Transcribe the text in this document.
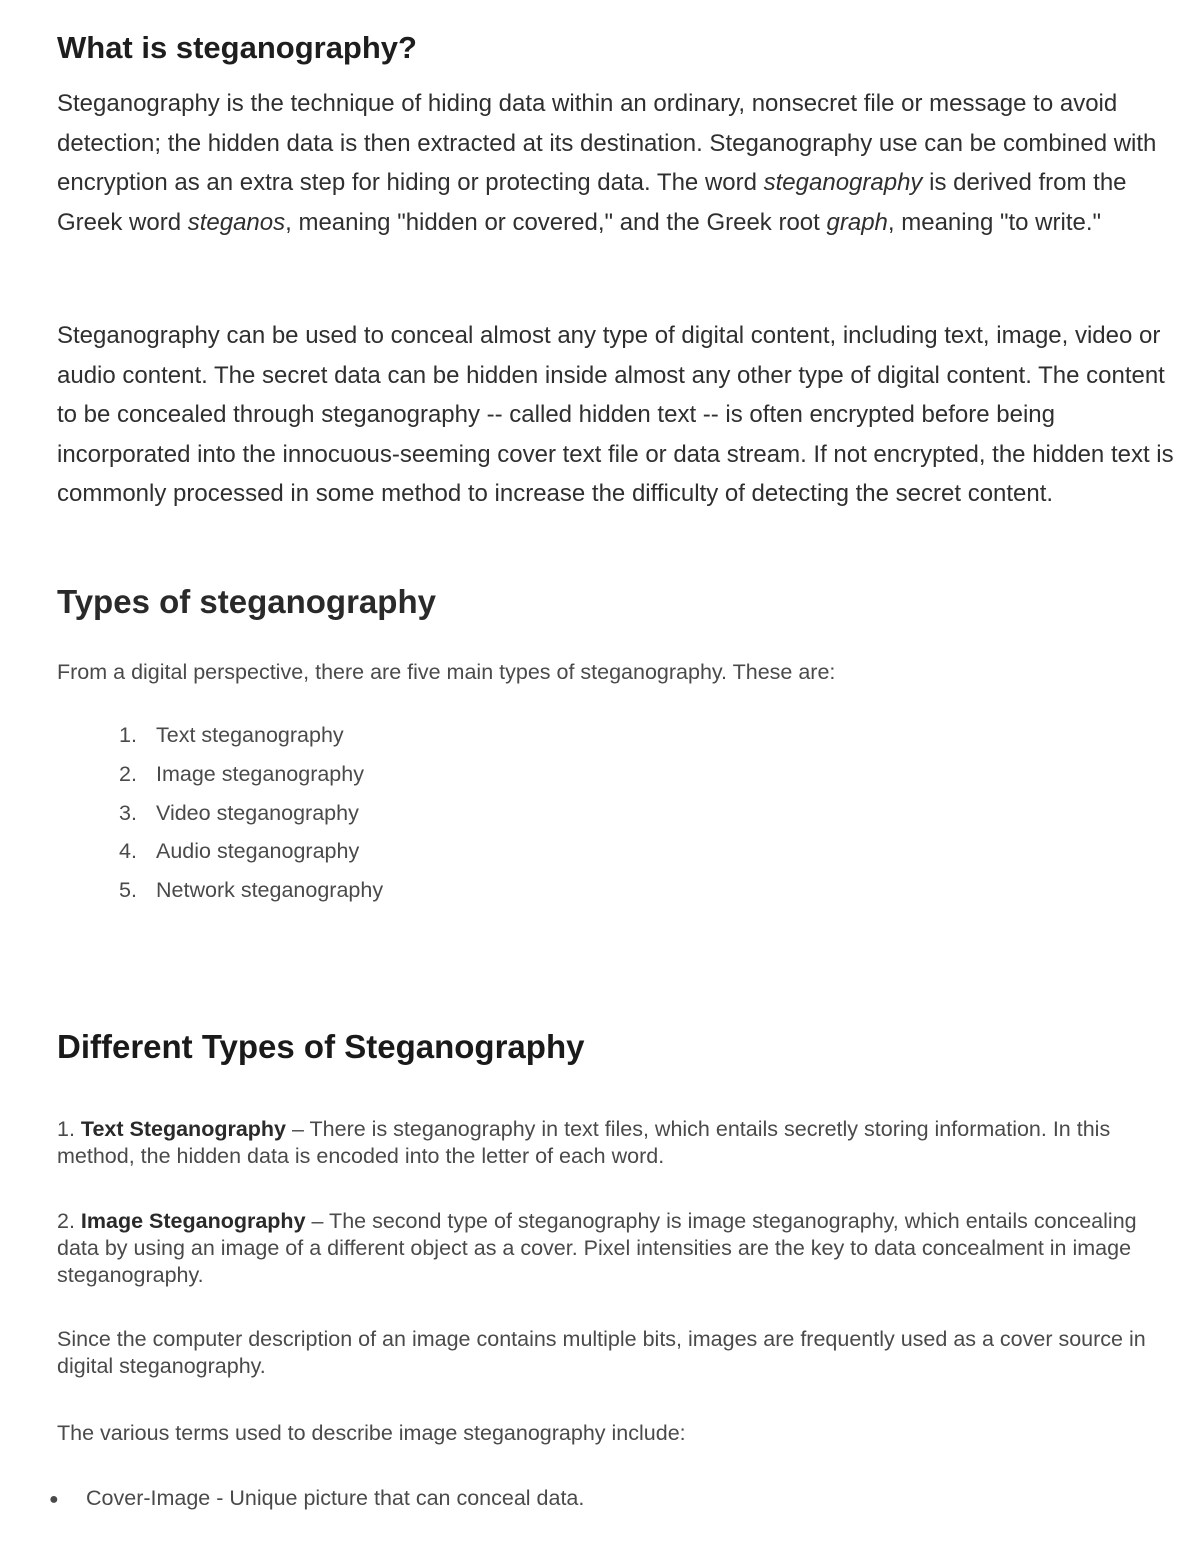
What is steganography?

Steganography is the technique of hiding data within an ordinary, nonsecret file or message to avoid detection; the hidden data is then extracted at its destination. Steganography use can be combined with encryption as an extra step for hiding or protecting data. The word steganography is derived from the Greek word steganos, meaning "hidden or covered," and the Greek root graph, meaning "to write."

Steganography can be used to conceal almost any type of digital content, including text, image, video or audio content. The secret data can be hidden inside almost any other type of digital content. The content to be concealed through steganography -- called hidden text -- is often encrypted before being incorporated into the innocuous-seeming cover text file or data stream. If not encrypted, the hidden text is commonly processed in some method to increase the difficulty of detecting the secret content.

Types of steganography

From a digital perspective, there are five main types of steganography. These are:

1. Text steganography
2. Image steganography
3. Video steganography
4. Audio steganography
5. Network steganography
Different Types of Steganography

1. Text Steganography – There is steganography in text files, which entails secretly storing information. In this method, the hidden data is encoded into the letter of each word.

2. Image Steganography – The second type of steganography is image steganography, which entails concealing data by using an image of a different object as a cover. Pixel intensities are the key to data concealment in image steganography.

Since the computer description of an image contains multiple bits, images are frequently used as a cover source in digital steganography.

The various terms used to describe image steganography include:

● Cover-Image - Unique picture that can conceal data.
